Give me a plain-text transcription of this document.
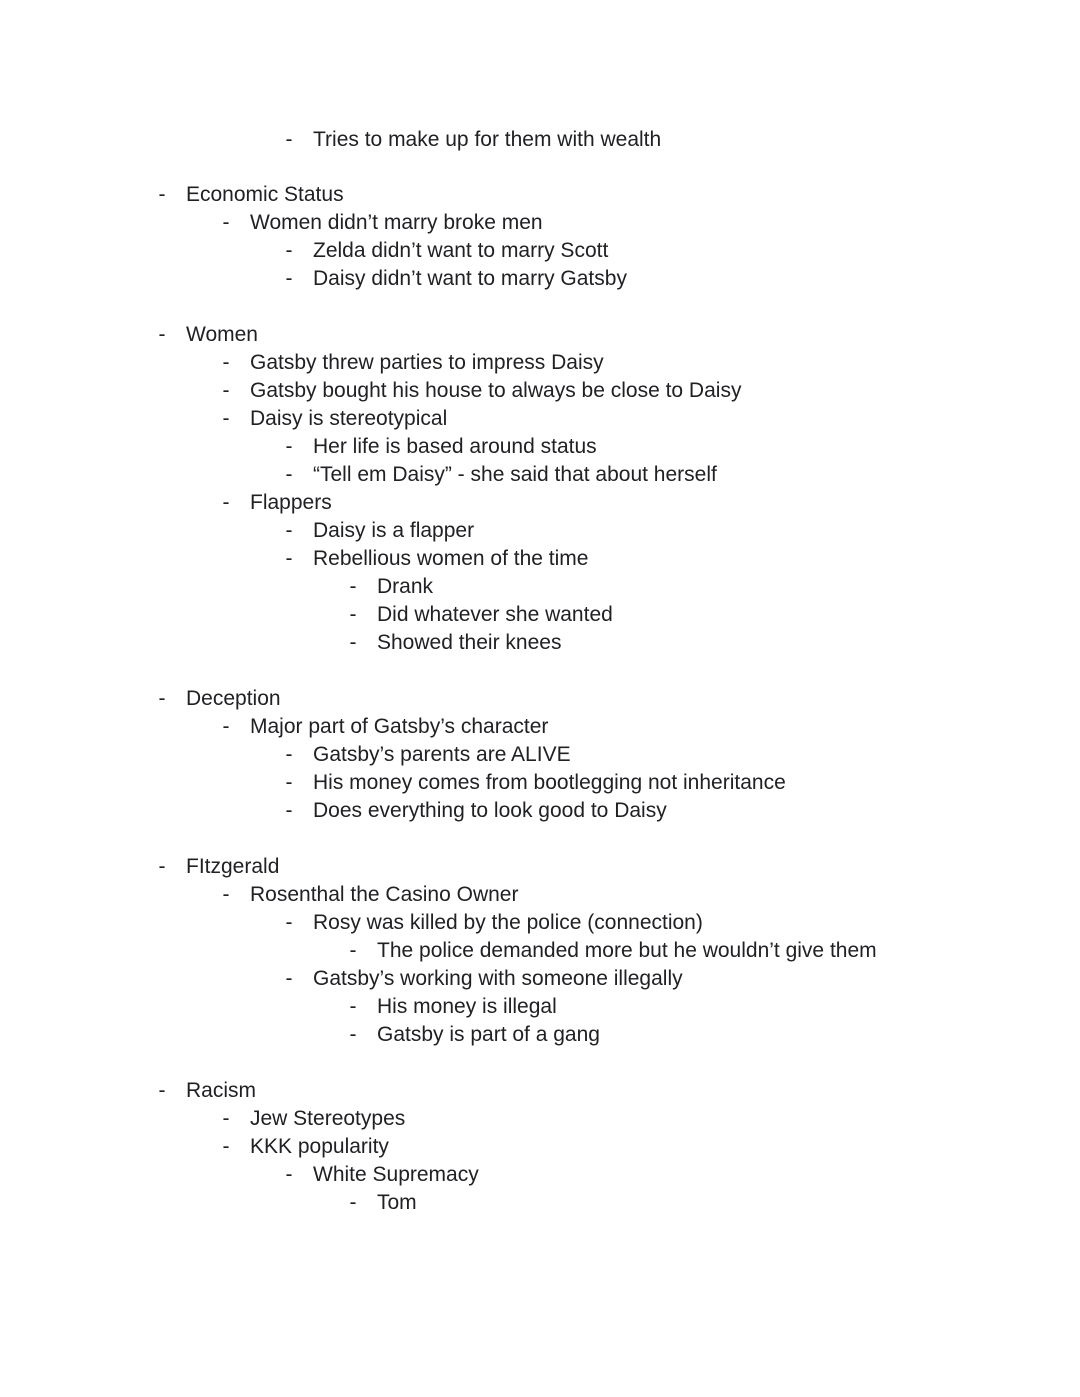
- Tries to make up for them with wealth
- Economic Status
- Women didn’t marry broke men
- Zelda didn’t want to marry Scott
- Daisy didn’t want to marry Gatsby
- Women
- Gatsby threw parties to impress Daisy
- Gatsby bought his house to always be close to Daisy
- Daisy is stereotypical
- Her life is based around status
- “Tell em Daisy” - she said that about herself
- Flappers
- Daisy is a flapper
- Rebellious women of the time
- Drank
- Did whatever she wanted
- Showed their knees
- Deception
- Major part of Gatsby’s character
- Gatsby’s parents are ALIVE
- His money comes from bootlegging not inheritance
- Does everything to look good to Daisy
- FItzgerald
- Rosenthal the Casino Owner
- Rosy was killed by the police (connection)
- The police demanded more but he wouldn’t give them
- Gatsby’s working with someone illegally
- His money is illegal
- Gatsby is part of a gang
- Racism
- Jew Stereotypes
- KKK popularity
- White Supremacy
- Tom
